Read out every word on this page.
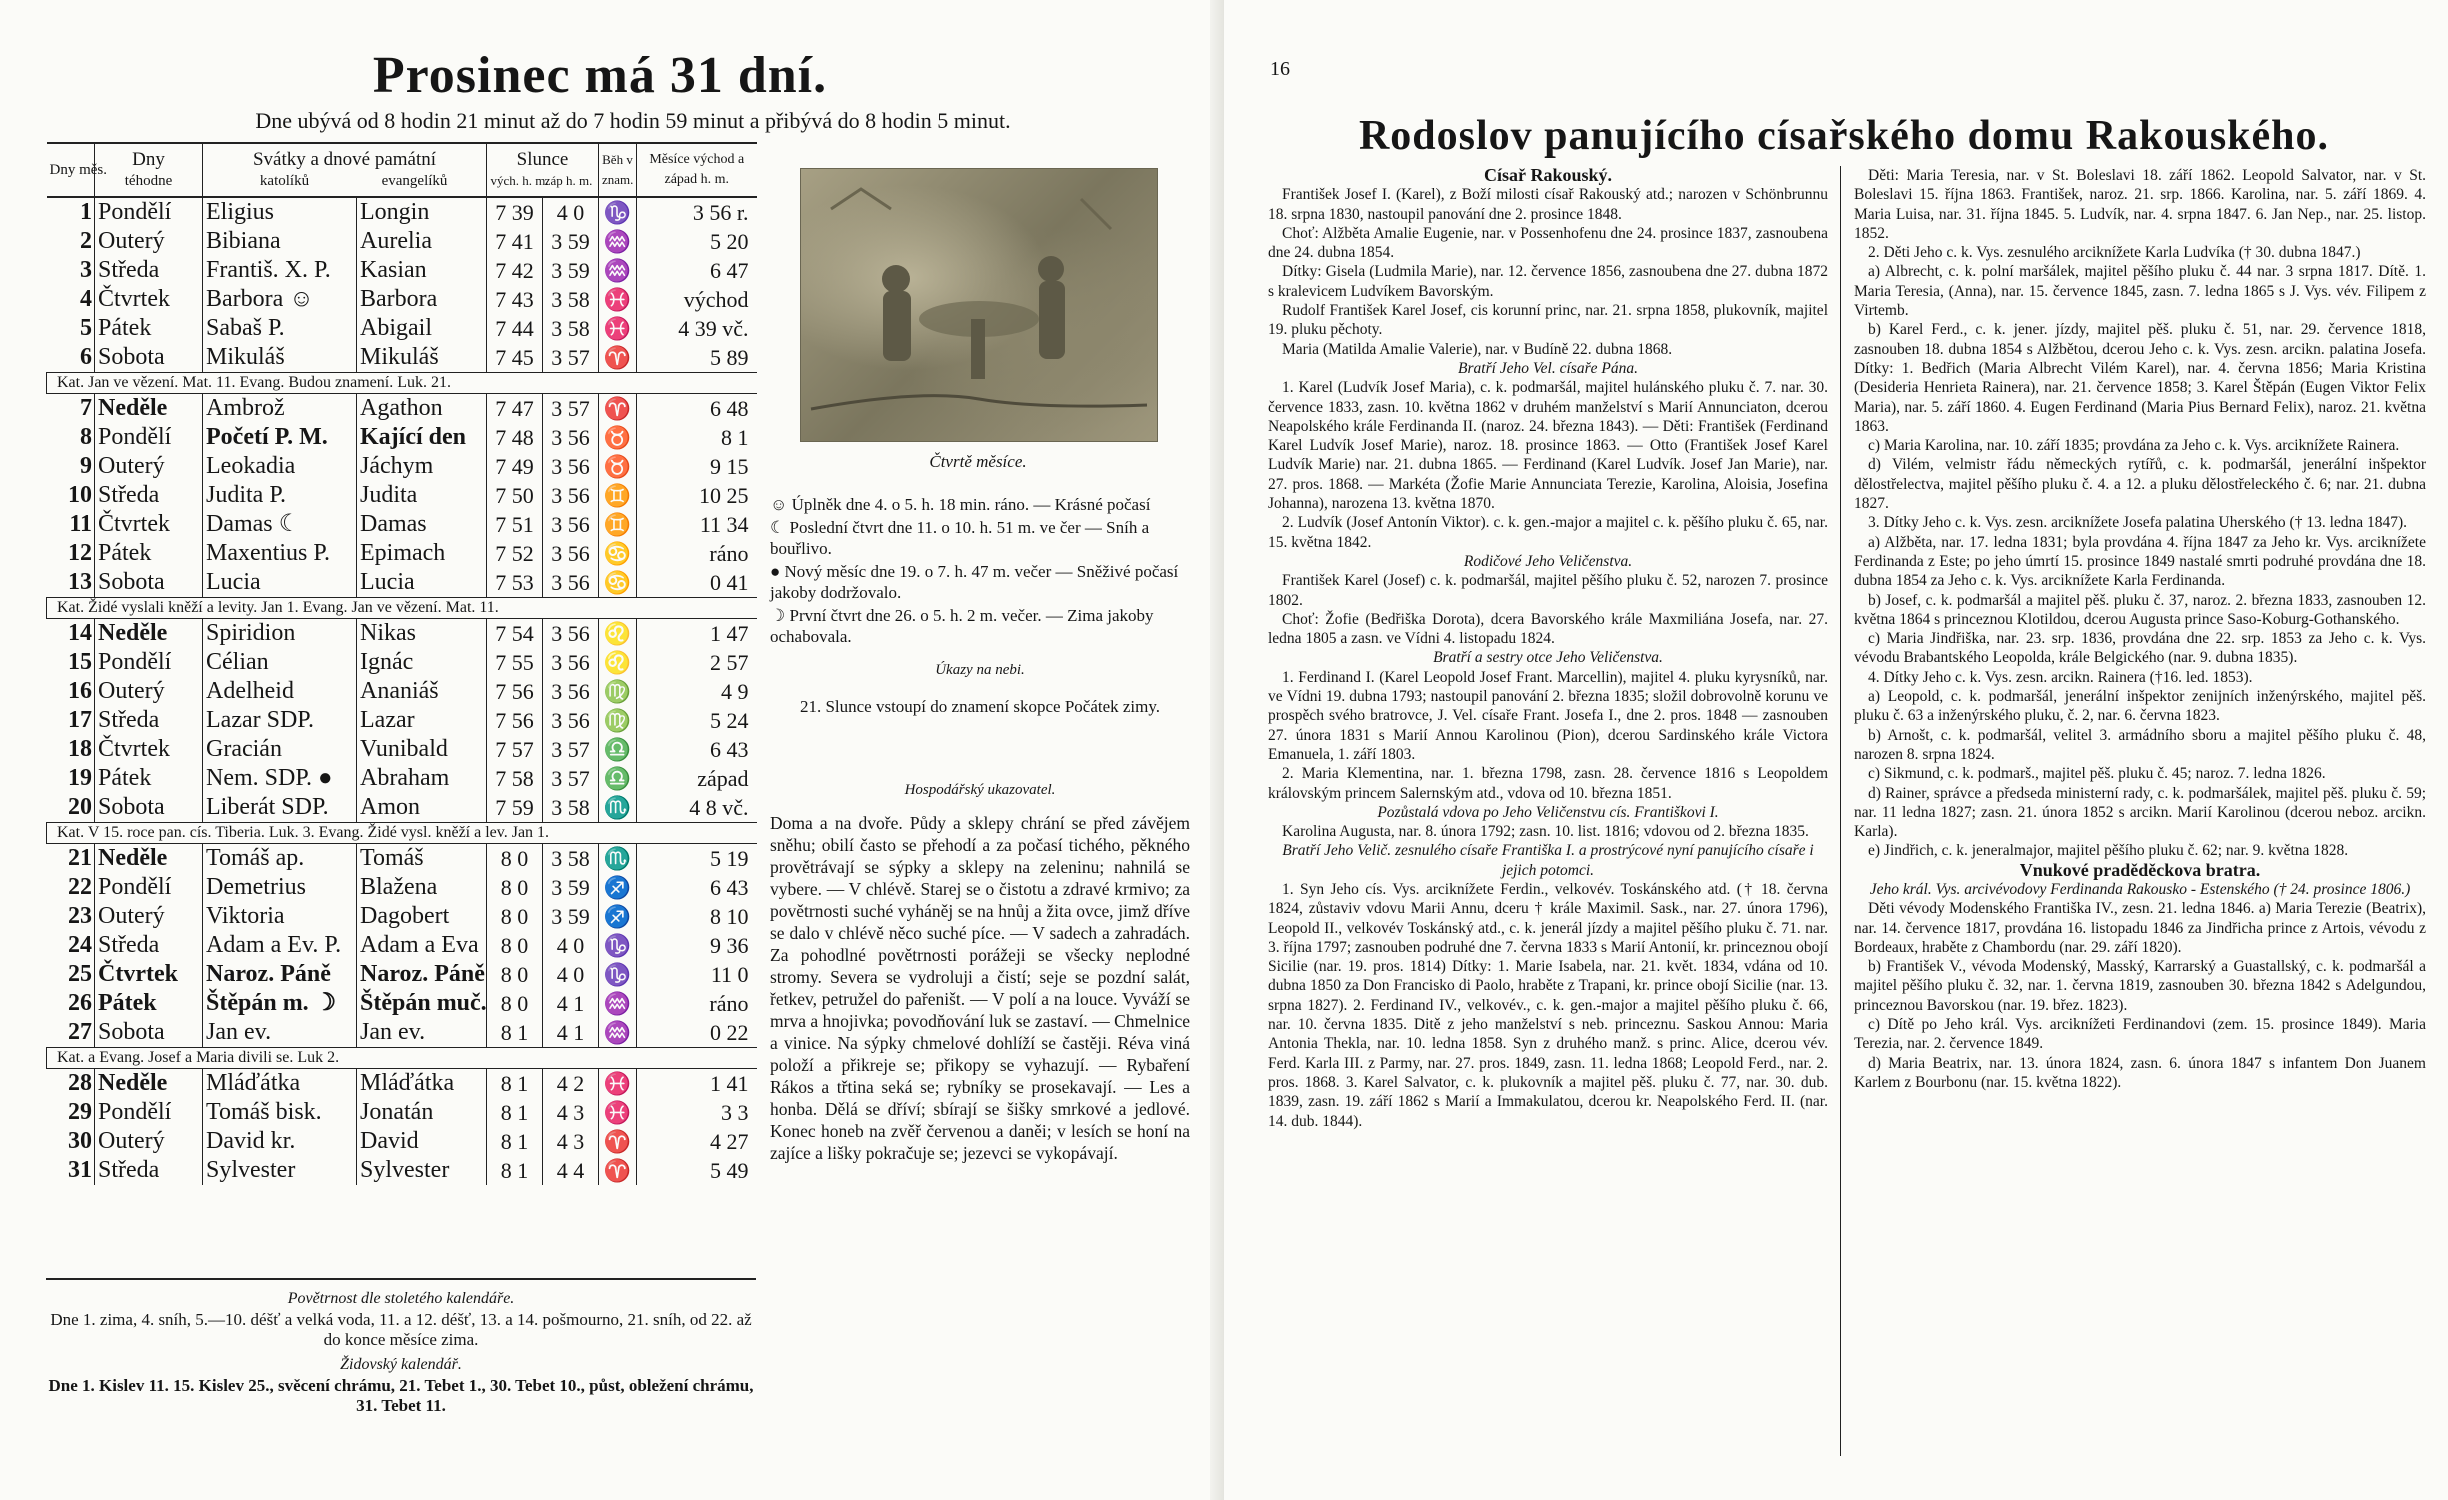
Prosinec má 31 dní.
Dne ubývá od 8 hodin 21 minut až do 7 hodin 59 minut a přibývá do 8 hodin 5 minut.
Dny měs.	Dny
téhodne	Svátky a dnové památní
katolíků evangelíků		Slunce
vých. h. m.záp h. m.		Běh v znam.	Měsíce východ a západ h. m.
1	Pondělí	Eligius	Longin	7 39	4 0	♑	3 56 r.
2	Outerý	Bibiana	Aurelia	7 41	3 59	♒	5 20
3	Středa	Františ. X. P.	Kasian	7 42	3 59	♒	6 47
4	Čtvrtek	Barbora ☺	Barbora	7 43	3 58	♓	východ
5	Pátek	Sabaš P.	Abigail	7 44	3 58	♓	4 39 vč.
6	Sobota	Mikuláš	Mikuláš	7 45	3 57	♈	5 89
Kat. Jan ve vězení. Mat. 11. Evang. Budou znamení. Luk. 21.							
7	Neděle	Ambrož	Agathon	7 47	3 57	♈	6 48
8	Pondělí	Početí P. M.	Kající den	7 48	3 56	♉	8 1
9	Outerý	Leokadia	Jáchym	7 49	3 56	♉	9 15
10	Středa	Judita P.	Judita	7 50	3 56	♊	10 25
11	Čtvrtek	Damas ☾	Damas	7 51	3 56	♊	11 34
12	Pátek	Maxentius P.	Epimach	7 52	3 56	♋	ráno
13	Sobota	Lucia	Lucia	7 53	3 56	♋	0 41
Kat. Židé vyslali kněží a levity. Jan 1. Evang. Jan ve vězení. Mat. 11.							
14	Neděle	Spiridion	Nikas	7 54	3 56	♌	1 47
15	Pondělí	Célian	Ignác	7 55	3 56	♌	2 57
16	Outerý	Adelheid	Ananiáš	7 56	3 56	♍	4 9
17	Středa	Lazar SDP.	Lazar	7 56	3 56	♍	5 24
18	Čtvrtek	Gracián	Vunibald	7 57	3 57	♎	6 43
19	Pátek	Nem. SDP. ●	Abraham	7 58	3 57	♎	západ
20	Sobota	Liberát SDP.	Amon	7 59	3 58	♏	4 8 vč.
Kat. V 15. roce pan. cís. Tiberia. Luk. 3. Evang. Židé vysl. kněží a lev. Jan 1.							
21	Neděle	Tomáš ap.	Tomáš	8 0	3 58	♏	5 19
22	Pondělí	Demetrius	Blažena	8 0	3 59	♐	6 43
23	Outerý	Viktoria	Dagobert	8 0	3 59	♐	8 10
24	Středa	Adam a Ev. P.	Adam a Eva	8 0	4 0	♑	9 36
25	Čtvrtek	Naroz. Páně	Naroz. Páně	8 0	4 0	♑	11 0
26	Pátek	Štěpán m. ☽	Štěpán muč.	8 0	4 1	♒	ráno
27	Sobota	Jan ev.	Jan ev.	8 1	4 1	♒	0 22
Kat. a Evang. Josef a Maria divili se. Luk 2.							
28	Neděle	Mláďátka	Mláďátka	8 1	4 2	♓	1 41
29	Pondělí	Tomáš bisk.	Jonatán	8 1	4 3	♓	3 3
30	Outerý	David kr.	David	8 1	4 3	♈	4 27
31	Středa	Sylvester	Sylvester	8 1	4 4	♈	5 49
Čtvrtě měsíce.

☺ Úplněk dne 4. o 5. h. 18 min. ráno. — Krásné počasí

☾ Poslední čtvrt dne 11. o 10. h. 51 m. ve čer — Sníh a bouřlivo.

● Nový měsíc dne 19. o 7. h. 47 m. večer — Sněživé počasí jakoby dodržovalo.

☽ První čtvrt dne 26. o 5. h. 2 m. večer. — Zima jakoby ochabovala.

Úkazy na nebi.
21. Slunce vstoupí do znamení skopce Počátek zimy.
Hospodářský ukazovatel.
Doma a na dvoře. Půdy a sklepy chrání se před závějem sněhu; obilí často se přehodí a za počasí tichého, pěkného provětrávají se sýpky a sklepy na zeleninu; nahnilá se vybere. — V chlévě. Starej se o čistotu a zdravé krmivo; za povětrnosti suché vyháněj se na hnůj a žita ovce, jimž dříve se dalo v chlévě něco suché píce. — V sadech a zahradách. Za pohodlné povětrnosti porážeji se všecky neplodné stromy. Severa se vydroluji a čistí; seje se pozdní salát, řetkev, petružel do pařeništ. — V polí a na louce. Vyváží se mrva a hnojivka; povodňování luk se zastaví. — Chmelnice a vinice. Na sýpky chmelové dohlíží se častěji. Réva viná položí a přikreje se; přikopy se vyhazují. — Rybaření Rákos a třtina seká se; rybníky se prosekavají. — Les a honba. Dělá se dříví; sbírají se šišky smrkové a jedlové. Konec honeb na zvěř červenou a daněi; v lesích se honí na zajíce a lišky pokračuje se; jezevci se vykopávají.
Povětrnost dle stoletého kalendáře.
Dne 1. zima, 4. sníh, 5.—10. déšť a velká voda, 11. a 12. déšť, 13. a 14. pošmourno, 21. sníh, od 22. až do konce měsíce zima.
Židovský kalendář.
Dne 1. Kislev 11. 15. Kislev 25., svěcení chrámu, 21. Tebet 1., 30. Tebet 10., půst, obležení chrámu, 31. Tebet 11.
16
Rodoslov panujícího císařského domu Rakouského.

Císař Rakouský.

František Josef I. (Karel), z Boží milosti císař Rakouský atd.; narozen v Schönbrunnu 18. srpna 1830, nastoupil panování dne 2. prosince 1848.

Choť: Alžběta Amalie Eugenie, nar. v Possenhofenu dne 24. prosince 1837, zasnoubena dne 24. dubna 1854.

Dítky: Gisela (Ludmila Marie), nar. 12. července 1856, zasnoubena dne 27. dubna 1872 s kralevicem Ludvíkem Bavorským.

Rudolf František Karel Josef, cis korunní princ, nar. 21. srpna 1858, plukovník, majitel 19. pluku pěchoty.

Maria (Matilda Amalie Valerie), nar. v Budíně 22. dubna 1868.

Bratří Jeho Vel. císaře Pána.

1. Karel (Ludvík Josef Maria), c. k. podmaršál, majitel hulánského pluku č. 7. nar. 30. července 1833, zasn. 10. května 1862 v druhém manželství s Marií Annunciaton, dcerou Neapolského krále Ferdinanda II. (naroz. 24. března 1843). — Děti: František (Ferdinand Karel Ludvík Josef Marie), naroz. 18. prosince 1863. — Otto (František Josef Karel Ludvík Marie) nar. 21. dubna 1865. — Ferdinand (Karel Ludvík. Josef Jan Marie), nar. 27. pros. 1868. — Markéta (Žofie Marie Annunciata Terezie, Karolina, Aloisia, Josefina Johanna), narozena 13. května 1870.

2. Ludvík (Josef Antonín Viktor). c. k. gen.-major a majitel c. k. pěšího pluku č. 65, nar. 15. května 1842.

Rodičové Jeho Veličenstva.

František Karel (Josef) c. k. podmaršál, majitel pěšího pluku č. 52, narozen 7. prosince 1802.

Choť: Žofie (Bedřiška Dorota), dcera Bavorského krále Maxmiliána Josefa, nar. 27. ledna 1805 a zasn. ve Vídni 4. listopadu 1824.

Bratří a sestry otce Jeho Veličenstva.

1. Ferdinand I. (Karel Leopold Josef Frant. Marcellin), majitel 4. pluku kyrysníků, nar. ve Vídni 19. dubna 1793; nastoupil panování 2. března 1835; složil dobrovolně korunu ve prospěch svého bratrovce, J. Vel. císaře Frant. Josefa I., dne 2. pros. 1848 — zasnouben 27. února 1831 s Marií Annou Karolinou (Pion), dcerou Sardinského krále Victora Emanuela, 1. září 1803.

2. Maria Klementina, nar. 1. března 1798, zasn. 28. července 1816 s Leopoldem královským princem Salernským atd., vdova od 10. března 1851.

Pozůstalá vdova po Jeho Veličenstvu cís. Františkovi I.

Karolina Augusta, nar. 8. února 1792; zasn. 10. list. 1816; vdovou od 2. března 1835.

Bratří Jeho Velič. zesnulého císaře Františka I. a prostrýcové nyní panujícího císaře i jejich potomci.

1. Syn Jeho cís. Vys. arciknížete Ferdin., velkovév. Toskánského atd. († 18. června 1824, zůstaviv vdovu Marii Annu, dceru † krále Maximil. Sask., nar. 27. února 1796), Leopold II., velkovév Toskánský atd., c. k. jenerál jízdy a majitel pěšího pluku č. 71. nar. 3. října 1797; zasnouben podruhé dne 7. června 1833 s Marií Antonií, kr. princeznou obojí Sicilie (nar. 19. pros. 1814) Dítky: 1. Marie Isabela, nar. 21. květ. 1834, vdána od 10. dubna 1850 za Don Francisko di Paolo, hraběte z Trapani, kr. prince obojí Sicilie (nar. 13. srpna 1827). 2. Ferdinand IV., velkovév., c. k. gen.-major a majitel pěšího pluku č. 66, nar. 10. června 1835. Ditě z jeho manželství s neb. princeznu. Saskou Annou: Maria Antonia Thekla, nar. 10. ledna 1858. Syn z druhého manž. s princ. Alice, dcerou vév. Ferd. Karla III. z Parmy, nar. 27. pros. 1849, zasn. 11. ledna 1868; Leopold Ferd., nar. 2. pros. 1868. 3. Karel Salvator, c. k. plukovník a majitel pěš. pluku č. 77, nar. 30. dub. 1839, zasn. 19. září 1862 s Marií a Immakulatou, dcerou kr. Neapolského Ferd. II. (nar. 14. dub. 1844).

Děti: Maria Teresia, nar. v St. Boleslavi 18. září 1862. Leopold Salvator, nar. v St. Boleslavi 15. října 1863. František, naroz. 21. srp. 1866. Karolina, nar. 5. září 1869. 4. Maria Luisa, nar. 31. října 1845. 5. Ludvík, nar. 4. srpna 1847. 6. Jan Nep., nar. 25. listop. 1852.

2. Děti Jeho c. k. Vys. zesnulého arciknížete Karla Ludvíka († 30. dubna 1847.)

a) Albrecht, c. k. polní maršálek, majitel pěšího pluku č. 44 nar. 3 srpna 1817. Dítě. 1. Maria Teresia, (Anna), nar. 15. července 1845, zasn. 7. ledna 1865 s J. Vys. vév. Filipem z Virtemb.

b) Karel Ferd., c. k. jener. jízdy, majitel pěš. pluku č. 51, nar. 29. července 1818, zasnouben 18. dubna 1854 s Alžbětou, dcerou Jeho c. k. Vys. zesn. arcikn. palatina Josefa. Dítky: 1. Bedřich (Maria Albrecht Vilém Karel), nar. 4. června 1856; Maria Kristina (Desideria Henrieta Rainera), nar. 21. července 1858; 3. Karel Štěpán (Eugen Viktor Felix Maria), nar. 5. září 1860. 4. Eugen Ferdinand (Maria Pius Bernard Felix), naroz. 21. května 1863.

c) Maria Karolina, nar. 10. září 1835; provdána za Jeho c. k. Vys. arciknížete Rainera.

d) Vilém, velmistr řádu německých rytířů, c. k. podmaršál, jenerální inšpektor dělostřelectva, majitel pěšího pluku č. 4. a 12. a pluku dělostřeleckého č. 6; nar. 21. dubna 1827.

3. Dítky Jeho c. k. Vys. zesn. arciknížete Josefa palatina Uherského († 13. ledna 1847).

a) Alžběta, nar. 17. ledna 1831; byla provdána 4. října 1847 za Jeho kr. Vys. arciknížete Ferdinanda z Este; po jeho úmrtí 15. prosince 1849 nastalé smrti podruhé provdána dne 18. dubna 1854 za Jeho c. k. Vys. arciknížete Karla Ferdinanda.

b) Josef, c. k. podmaršál a majitel pěš. pluku č. 37, naroz. 2. března 1833, zasnouben 12. května 1864 s princeznou Klotildou, dcerou Augusta prince Saso-Koburg-Gothanského.

c) Maria Jindřiška, nar. 23. srp. 1836, provdána dne 22. srp. 1853 za Jeho c. k. Vys. vévodu Brabantského Leopolda, krále Belgického (nar. 9. dubna 1835).

4. Dítky Jeho c. k. Vys. zesn. arcikn. Rainera (†16. led. 1853).

a) Leopold, c. k. podmaršál, jenerální inšpektor zenijních inženýrského, majitel pěš. pluku č. 63 a inženýrského pluku, č. 2, nar. 6. června 1823.

b) Arnošt, c. k. podmaršál, velitel 3. armádního sboru a majitel pěšího pluku č. 48, narozen 8. srpna 1824.

c) Sikmund, c. k. podmarš., majitel pěš. pluku č. 45; naroz. 7. ledna 1826.

d) Rainer, správce a předseda ministerní rady, c. k. podmaršálek, majitel pěš. pluku č. 59; nar. 11 ledna 1827; zasn. 21. února 1852 s arcikn. Marií Karolinou (dcerou neboz. arcikn. Karla).

e) Jindřich, c. k. jeneralmajor, majitel pěšího pluku č. 62; nar. 9. května 1828.

Vnukové praděděckova bratra.

Jeho král. Vys. arcivévodovy Ferdinanda Rakousko - Estenského († 24. prosince 1806.)

Děti vévody Modenského Františka IV., zesn. 21. ledna 1846. a) Maria Terezie (Beatrix), nar. 14. července 1817, provdána 16. listopadu 1846 za Jindřicha prince z Artois, vévodu z Bordeaux, hraběte z Chambordu (nar. 29. září 1820).

b) František V., vévoda Modenský, Masský, Karrarský a Guastallský, c. k. podmaršál a majitel pěšího pluku č. 32, nar. 1. června 1819, zasnouben 30. března 1842 s Adelgundou, princeznou Bavorskou (nar. 19. břez. 1823).

c) Dítě po Jeho král. Vys. arciknížeti Ferdinandovi (zem. 15. prosince 1849). Maria Terezia, nar. 2. července 1849.

d) Maria Beatrix, nar. 13. února 1824, zasn. 6. února 1847 s infantem Don Juanem Karlem z Bourbonu (nar. 15. května 1822).
